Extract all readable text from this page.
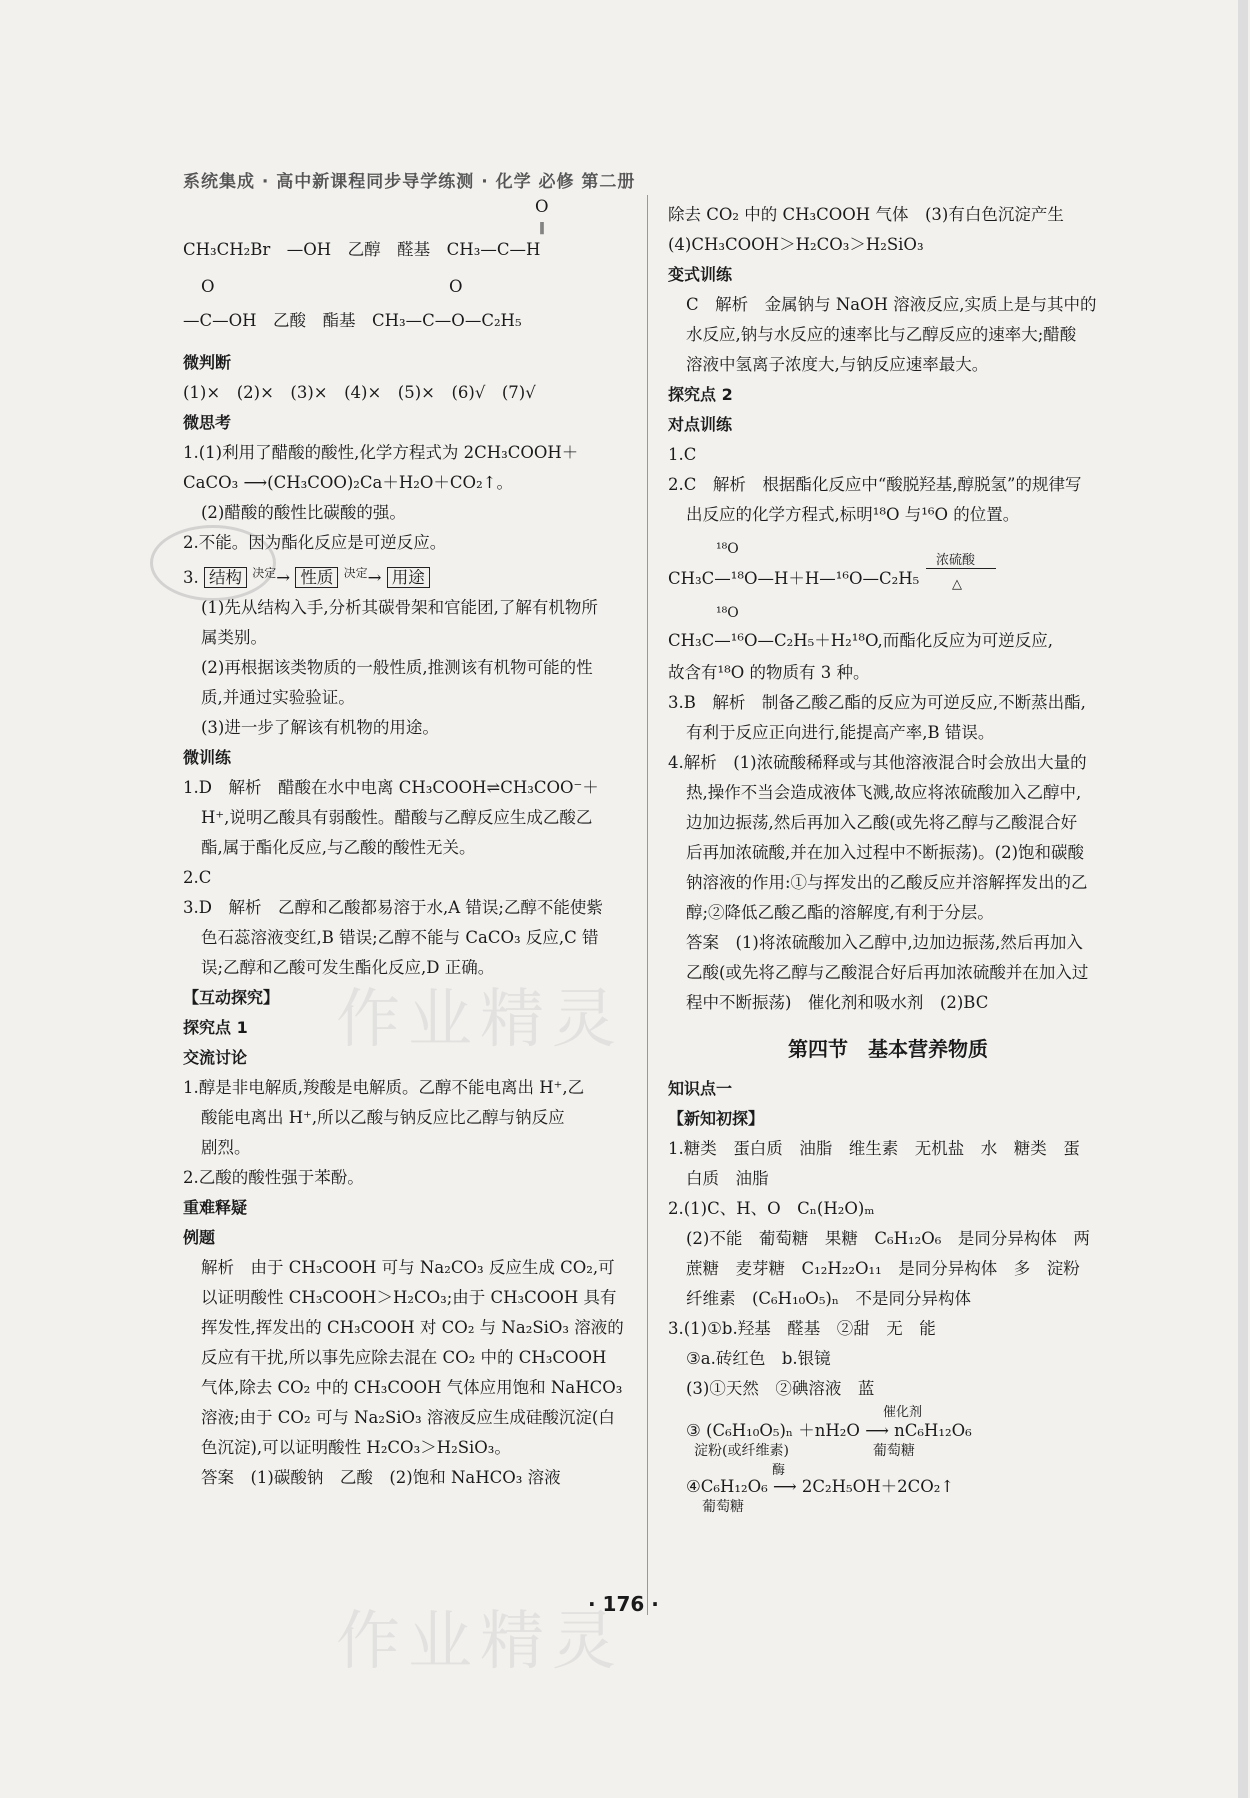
系统集成 · 高中新课程同步导学练测 · 化学 必修 第二册
O
‖
CH₃CH₂Br　—OH　乙醇　醛基　CH₃—C—H
O	O
—C—OH　乙酸　酯基　CH₃—C—O—C₂H₅
微判断
(1)×　(2)×　(3)×　(4)×　(5)×　(6)√　(7)√
微思考
1.(1)利用了醋酸的酸性,化学方程式为 2CH₃COOH＋
CaCO₃ ⟶(CH₃COO)₂Ca＋H₂O＋CO₂↑。
(2)醋酸的酸性比碳酸的强。
2.不能。因为酯化反应是可逆反应。
3. 结构 $^{决定}$→ 性质 $^{决定}$→ 用途
(1)先从结构入手,分析其碳骨架和官能团,了解有机物所
属类别。
(2)再根据该类物质的一般性质,推测该有机物可能的性
质,并通过实验验证。
(3)进一步了解该有机物的用途。
微训练
1.D　解析　醋酸在水中电离 CH₃COOH⇌CH₃COO⁻＋
H⁺,说明乙酸具有弱酸性。醋酸与乙醇反应生成乙酸乙
酯,属于酯化反应,与乙酸的酸性无关。
2.C
3.D　解析　乙醇和乙酸都易溶于水,A 错误;乙醇不能使紫
色石蕊溶液变红,B 错误;乙醇不能与 CaCO₃ 反应,C 错
误;乙醇和乙酸可发生酯化反应,D 正确。
【互动探究】
探究点 1
交流讨论
1.醇是非电解质,羧酸是电解质。乙醇不能电离出 H⁺,乙
酸能电离出 H⁺,所以乙酸与钠反应比乙醇与钠反应
剧烈。
2.乙酸的酸性强于苯酚。
重难释疑
例题
解析　由于 CH₃COOH 可与 Na₂CO₃ 反应生成 CO₂,可
以证明酸性 CH₃COOH＞H₂CO₃;由于 CH₃COOH 具有
挥发性,挥发出的 CH₃COOH 对 CO₂ 与 Na₂SiO₃ 溶液的
反应有干扰,所以事先应除去混在 CO₂ 中的 CH₃COOH
气体,除去 CO₂ 中的 CH₃COOH 气体应用饱和 NaHCO₃
溶液;由于 CO₂ 可与 Na₂SiO₃ 溶液反应生成硅酸沉淀(白
色沉淀),可以证明酸性 H₂CO₃＞H₂SiO₃。
答案　(1)碳酸钠　乙酸　(2)饱和 NaHCO₃ 溶液
除去 CO₂ 中的 CH₃COOH 气体　(3)有白色沉淀产生
(4)CH₃COOH＞H₂CO₃＞H₂SiO₃
变式训练
C　解析　金属钠与 NaOH 溶液反应,实质上是与其中的
水反应,钠与水反应的速率比与乙醇反应的速率大;醋酸
溶液中氢离子浓度大,与钠反应速率最大。
探究点 2
对点训练
1.C
2.C　解析　根据酯化反应中“酸脱羟基,醇脱氢”的规律写
出反应的化学方程式,标明¹⁸O 与¹⁶O 的位置。
¹⁸O
CH₃C—¹⁸O—H＋H—¹⁶O—C₂H₅
浓硫酸
△
¹⁸O
CH₃C—¹⁶O—C₂H₅＋H₂¹⁸O,而酯化反应为可逆反应,
故含有¹⁸O 的物质有 3 种。
3.B　解析　制备乙酸乙酯的反应为可逆反应,不断蒸出酯,
有利于反应正向进行,能提高产率,B 错误。
4.解析　(1)浓硫酸稀释或与其他溶液混合时会放出大量的
热,操作不当会造成液体飞溅,故应将浓硫酸加入乙醇中,
边加边振荡,然后再加入乙酸(或先将乙醇与乙酸混合好
后再加浓硫酸,并在加入过程中不断振荡)。(2)饱和碳酸
钠溶液的作用:①与挥发出的乙酸反应并溶解挥发出的乙
醇;②降低乙酸乙酯的溶解度,有利于分层。
答案　(1)将浓硫酸加入乙醇中,边加边振荡,然后再加入
乙酸(或先将乙醇与乙酸混合好后再加浓硫酸并在加入过
程中不断振荡)　催化剂和吸水剂　(2)BC
第四节　基本营养物质
知识点一
【新知初探】
1.糖类　蛋白质　油脂　维生素　无机盐　水　糖类　蛋
白质　油脂
2.(1)C、H、O　Cₙ(H₂O)ₘ
(2)不能　葡萄糖　果糖　C₆H₁₂O₆　是同分异构体　两
蔗糖　麦芽糖　C₁₂H₂₂O₁₁　是同分异构体　多　淀粉
纤维素　(C₆H₁₀O₅)ₙ　不是同分异构体
3.(1)①b.羟基　醛基　②甜　无　能
③a.砖红色　b.银镜
(3)①天然　②碘溶液　蓝
催化剂
③ (C₆H₁₀O₅)ₙ ＋nH₂O ⟶ nC₆H₁₂O₆
淀粉(或纤维素)　　　　　　葡萄糖
酶
④C₆H₁₂O₆ ⟶ 2C₂H₅OH＋2CO₂↑
葡萄糖
作业精灵
作业精灵
· 176 ·
